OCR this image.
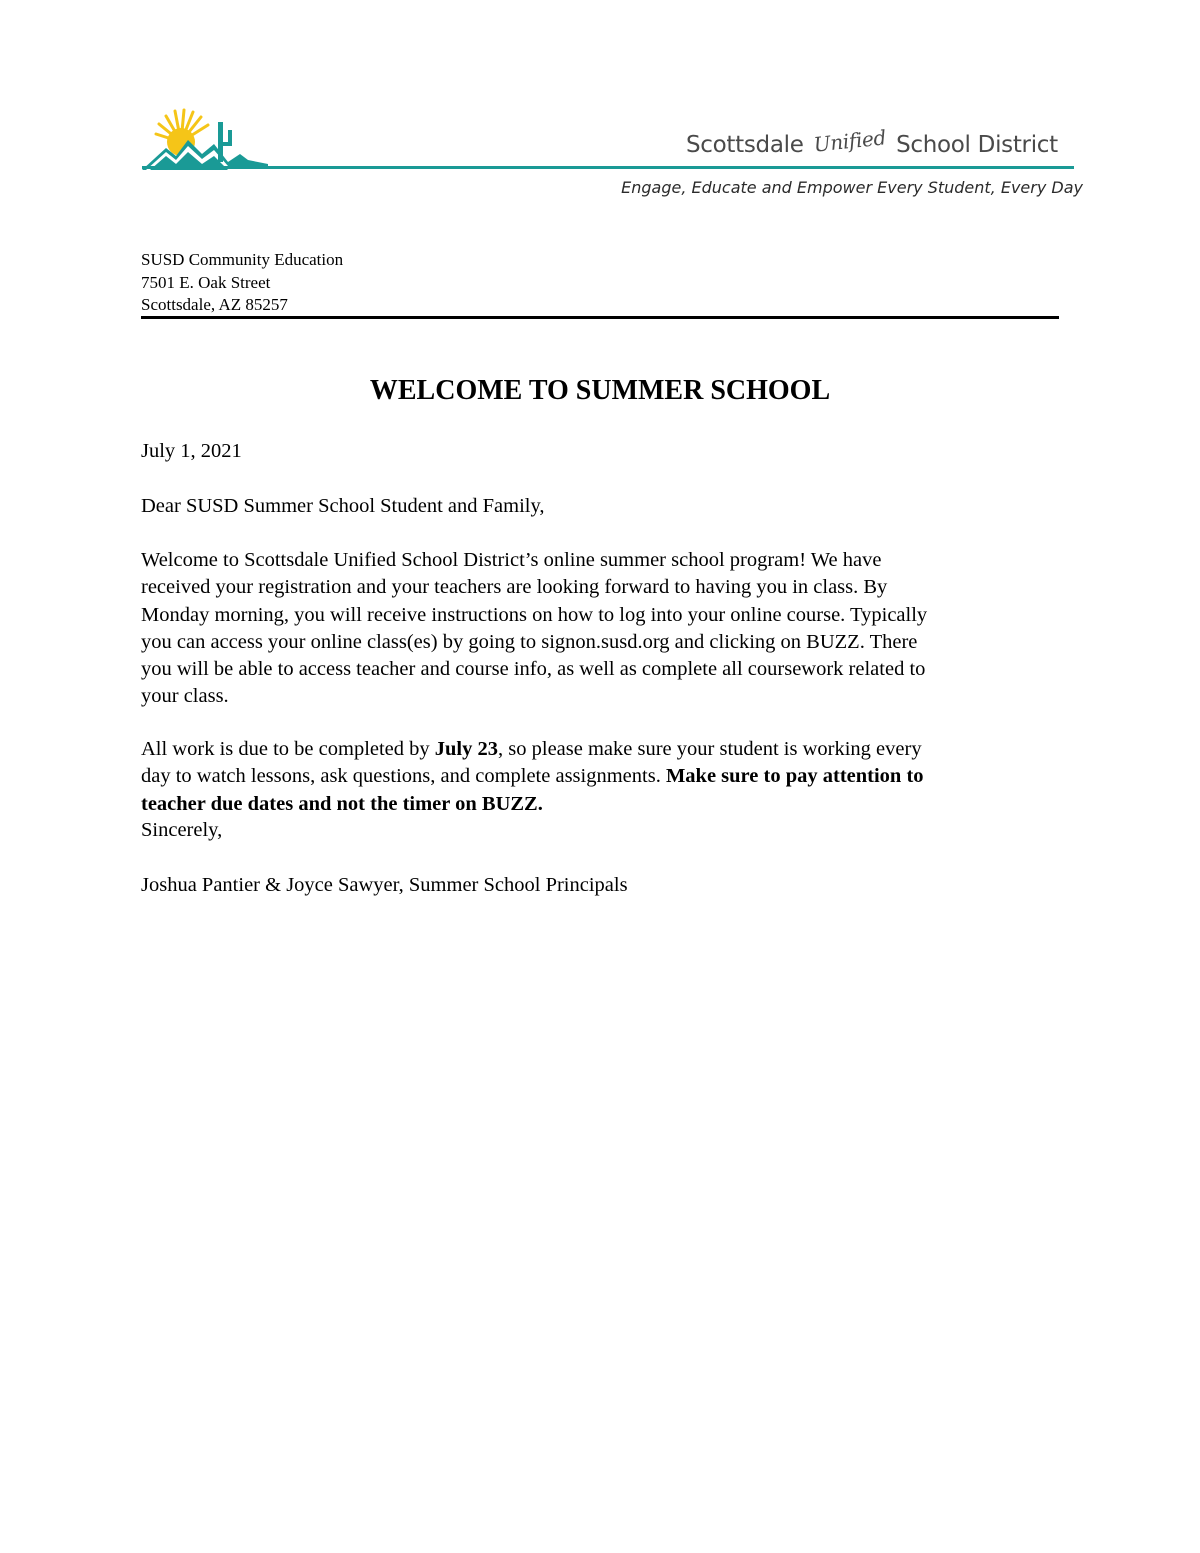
Scottsdale Unified School District
Engage, Educate and Empower Every Student, Every Day
SUSD Community Education
7501 E. Oak Street
Scottsdale, AZ 85257
WELCOME TO SUMMER SCHOOL
July 1, 2021
Dear SUSD Summer School Student and Family,
Welcome to Scottsdale Unified School District’s online summer school program! We have
received your registration and your teachers are looking forward to having you in class. By
Monday morning, you will receive instructions on how to log into your online course. Typically
you can access your online class(es) by going to signon.susd.org and clicking on BUZZ. There
you will be able to access teacher and course info, as well as complete all coursework related to
your class.
All work is due to be completed by July 23, so please make sure your student is working every
day to watch lessons, ask questions, and complete assignments. Make sure to pay attention to
teacher due dates and not the timer on BUZZ.
Sincerely,
Joshua Pantier & Joyce Sawyer, Summer School Principals
